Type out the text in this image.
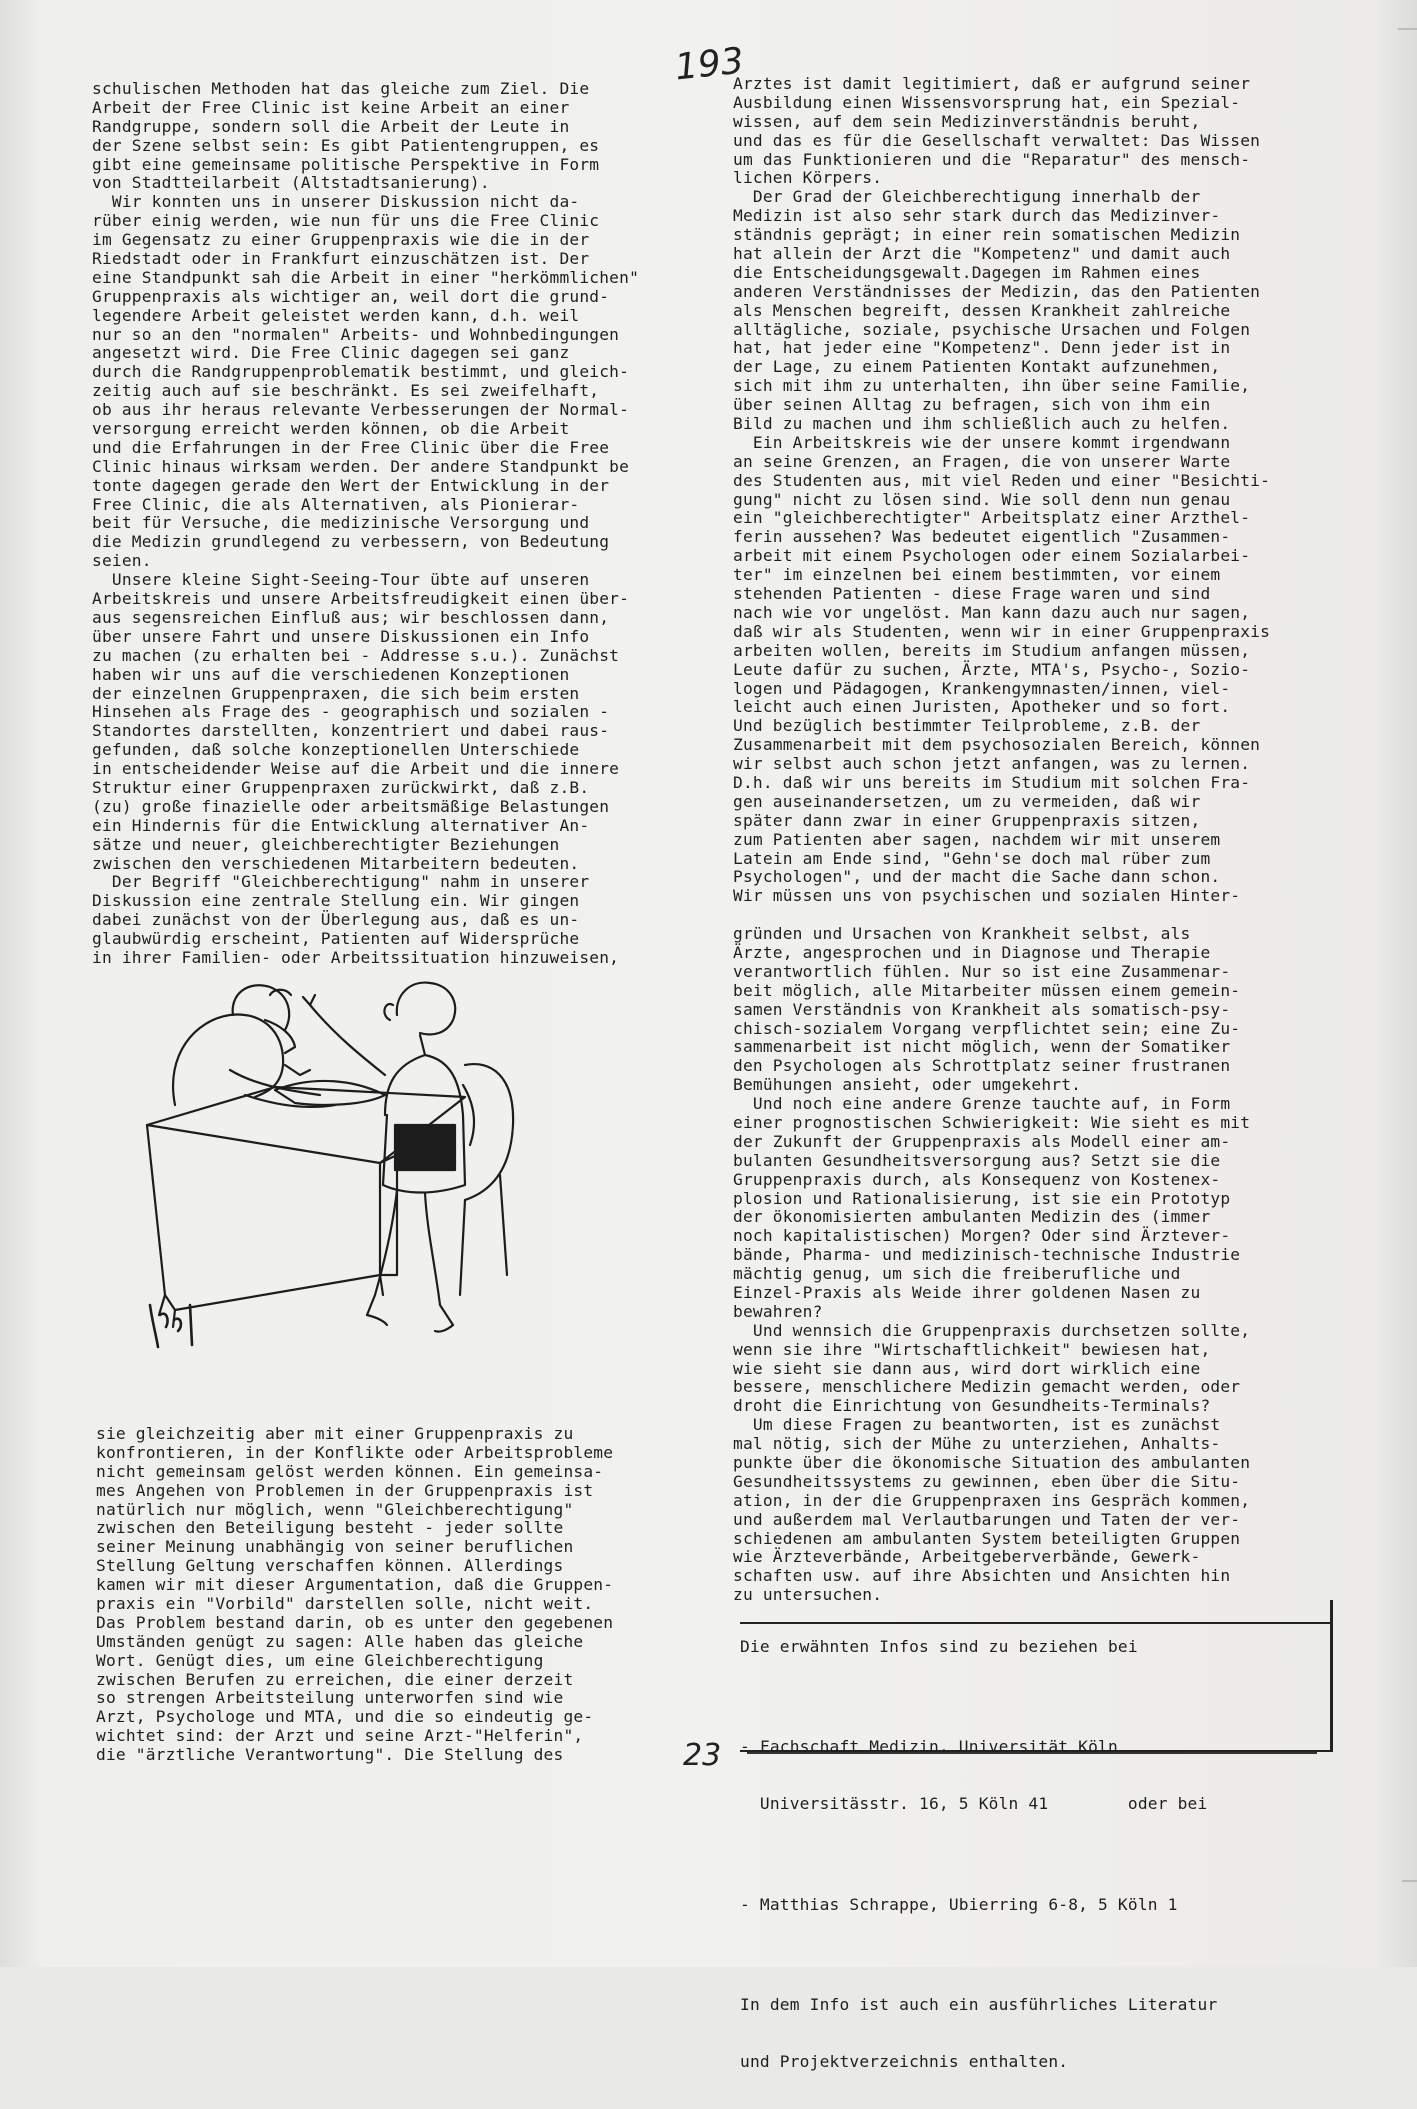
193
schulischen Methoden hat das gleiche zum Ziel. Die
Arbeit der Free Clinic ist keine Arbeit an einer
Randgruppe, sondern soll die Arbeit der Leute in
der Szene selbst sein: Es gibt Patientengruppen, es
gibt eine gemeinsame politische Perspektive in Form
von Stadtteilarbeit (Altstadtsanierung).
Wir konnten uns in unserer Diskussion nicht da-
rüber einig werden, wie nun für uns die Free Clinic
im Gegensatz zu einer Gruppenpraxis wie die in der
Riedstadt oder in Frankfurt einzuschätzen ist. Der
eine Standpunkt sah die Arbeit in einer "herkömmlichen"
Gruppenpraxis als wichtiger an, weil dort die grund-
legendere Arbeit geleistet werden kann, d.h. weil
nur so an den "normalen" Arbeits- und Wohnbedingungen
angesetzt wird. Die Free Clinic dagegen sei ganz
durch die Randgruppenproblematik bestimmt, und gleich-
zeitig auch auf sie beschränkt. Es sei zweifelhaft,
ob aus ihr heraus relevante Verbesserungen der Normal-
versorgung erreicht werden können, ob die Arbeit
und die Erfahrungen in der Free Clinic über die Free
Clinic hinaus wirksam werden. Der andere Standpunkt be
tonte dagegen gerade den Wert der Entwicklung in der
Free Clinic, die als Alternativen, als Pionierar-
beit für Versuche, die medizinische Versorgung und
die Medizin grundlegend zu verbessern, von Bedeutung
seien.
Unsere kleine Sight-Seeing-Tour übte auf unseren
Arbeitskreis und unsere Arbeitsfreudigkeit einen über-
aus segensreichen Einfluß aus; wir beschlossen dann,
über unsere Fahrt und unsere Diskussionen ein Info
zu machen (zu erhalten bei - Addresse s.u.). Zunächst
haben wir uns auf die verschiedenen Konzeptionen
der einzelnen Gruppenpraxen, die sich beim ersten
Hinsehen als Frage des - geographisch und sozialen -
Standortes darstellten, konzentriert und dabei raus-
gefunden, daß solche konzeptionellen Unterschiede
in entscheidender Weise auf die Arbeit und die innere
Struktur einer Gruppenpraxen zurückwirkt, daß z.B.
(zu) große finazielle oder arbeitsmäßige Belastungen
ein Hindernis für die Entwicklung alternativer An-
sätze und neuer, gleichberechtigter Beziehungen
zwischen den verschiedenen Mitarbeitern bedeuten.
Der Begriff "Gleichberechtigung" nahm in unserer
Diskussion eine zentrale Stellung ein. Wir gingen
dabei zunächst von der Überlegung aus, daß es un-
glaubwürdig erscheint, Patienten auf Widersprüche
in ihrer Familien- oder Arbeitssituation hinzuweisen,
sie gleichzeitig aber mit einer Gruppenpraxis zu
konfrontieren, in der Konflikte oder Arbeitsprobleme
nicht gemeinsam gelöst werden können. Ein gemeinsa-
mes Angehen von Problemen in der Gruppenpraxis ist
natürlich nur möglich, wenn "Gleichberechtigung"
zwischen den Beteiligung besteht - jeder sollte
seiner Meinung unabhängig von seiner beruflichen
Stellung Geltung verschaffen können. Allerdings
kamen wir mit dieser Argumentation, daß die Gruppen-
praxis ein "Vorbild" darstellen solle, nicht weit.
Das Problem bestand darin, ob es unter den gegebenen
Umständen genügt zu sagen: Alle haben das gleiche
Wort. Genügt dies, um eine Gleichberechtigung
zwischen Berufen zu erreichen, die einer derzeit
so strengen Arbeitsteilung unterworfen sind wie
Arzt, Psychologe und MTA, und die so eindeutig ge-
wichtet sind: der Arzt und seine Arzt-"Helferin",
die "ärztliche Verantwortung". Die Stellung des	23
Arztes ist damit legitimiert, daß er aufgrund seiner
Ausbildung einen Wissensvorsprung hat, ein Spezial-
wissen, auf dem sein Medizinverständnis beruht,
und das es für die Gesellschaft verwaltet: Das Wissen
um das Funktionieren und die "Reparatur" des mensch-
lichen Körpers.
Der Grad der Gleichberechtigung innerhalb der
Medizin ist also sehr stark durch das Medizinver-
ständnis geprägt; in einer rein somatischen Medizin
hat allein der Arzt die "Kompetenz" und damit auch
die Entscheidungsgewalt.Dagegen im Rahmen eines
anderen Verständnisses der Medizin, das den Patienten
als Menschen begreift, dessen Krankheit zahlreiche
alltägliche, soziale, psychische Ursachen und Folgen
hat, hat jeder eine "Kompetenz". Denn jeder ist in
der Lage, zu einem Patienten Kontakt aufzunehmen,
sich mit ihm zu unterhalten, ihn über seine Familie,
über seinen Alltag zu befragen, sich von ihm ein
Bild zu machen und ihm schließlich auch zu helfen.
Ein Arbeitskreis wie der unsere kommt irgendwann
an seine Grenzen, an Fragen, die von unserer Warte
des Studenten aus, mit viel Reden und einer "Besichti-
gung" nicht zu lösen sind. Wie soll denn nun genau
ein "gleichberechtigter" Arbeitsplatz einer Arzthel-
ferin aussehen? Was bedeutet eigentlich "Zusammen-
arbeit mit einem Psychologen oder einem Sozialarbei-
ter" im einzelnen bei einem bestimmten, vor einem
stehenden Patienten - diese Frage waren und sind
nach wie vor ungelöst. Man kann dazu auch nur sagen,
daß wir als Studenten, wenn wir in einer Gruppenpraxis
arbeiten wollen, bereits im Studium anfangen müssen,
Leute dafür zu suchen, Ärzte, MTA's, Psycho-, Sozio-
logen und Pädagogen, Krankengymnasten/innen, viel-
leicht auch einen Juristen, Apotheker und so fort.
Und bezüglich bestimmter Teilprobleme, z.B. der
Zusammenarbeit mit dem psychosozialen Bereich, können
wir selbst auch schon jetzt anfangen, was zu lernen.
D.h. daß wir uns bereits im Studium mit solchen Fra-
gen auseinandersetzen, um zu vermeiden, daß wir
später dann zwar in einer Gruppenpraxis sitzen,
zum Patienten aber sagen, nachdem wir mit unserem
Latein am Ende sind, "Gehn'se doch mal rüber zum
Psychologen", und der macht die Sache dann schon.
Wir müssen uns von psychischen und sozialen Hinter-
gründen und Ursachen von Krankheit selbst, als
Ärzte, angesprochen und in Diagnose und Therapie
verantwortlich fühlen. Nur so ist eine Zusammenar-
beit möglich, alle Mitarbeiter müssen einem gemein-
samen Verständnis von Krankheit als somatisch-psy-
chisch-sozialem Vorgang verpflichtet sein; eine Zu-
sammenarbeit ist nicht möglich, wenn der Somatiker
den Psychologen als Schrottplatz seiner frustranen
Bemühungen ansieht, oder umgekehrt.
Und noch eine andere Grenze tauchte auf, in Form
einer prognostischen Schwierigkeit: Wie sieht es mit
der Zukunft der Gruppenpraxis als Modell einer am-
bulanten Gesundheitsversorgung aus? Setzt sie die
Gruppenpraxis durch, als Konsequenz von Kostenex-
plosion und Rationalisierung, ist sie ein Prototyp
der ökonomisierten ambulanten Medizin des (immer
noch kapitalistischen) Morgen? Oder sind Ärztever-
bände, Pharma- und medizinisch-technische Industrie
mächtig genug, um sich die freiberufliche und
Einzel-Praxis als Weide ihrer goldenen Nasen zu
bewahren?
Und wennsich die Gruppenpraxis durchsetzen sollte,
wenn sie ihre "Wirtschaftlichkeit" bewiesen hat,
wie sieht sie dann aus, wird dort wirklich eine
bessere, menschlichere Medizin gemacht werden, oder
droht die Einrichtung von Gesundheits-Terminals?
Um diese Fragen zu beantworten, ist es zunächst
mal nötig, sich der Mühe zu unterziehen, Anhalts-
punkte über die ökonomische Situation des ambulanten
Gesundheitssystems zu gewinnen, eben über die Situ-
ation, in der die Gruppenpraxen ins Gespräch kommen,
und außerdem mal Verlautbarungen und Taten der ver-
schiedenen am ambulanten System beteiligten Gruppen
wie Ärzteverbände, Arbeitgeberverbände, Gewerk-
schaften usw. auf ihre Absichten und Ansichten hin
zu untersuchen.

Die erwähnten Infos sind zu beziehen bei

- Fachschaft Medizin, Universität Köln

Universitässtr. 16, 5 Köln 41        oder bei

- Matthias Schrappe, Ubierring 6-8, 5 Köln 1

In dem Info ist auch ein ausführliches Literatur

und Projektverzeichnis enthalten.
